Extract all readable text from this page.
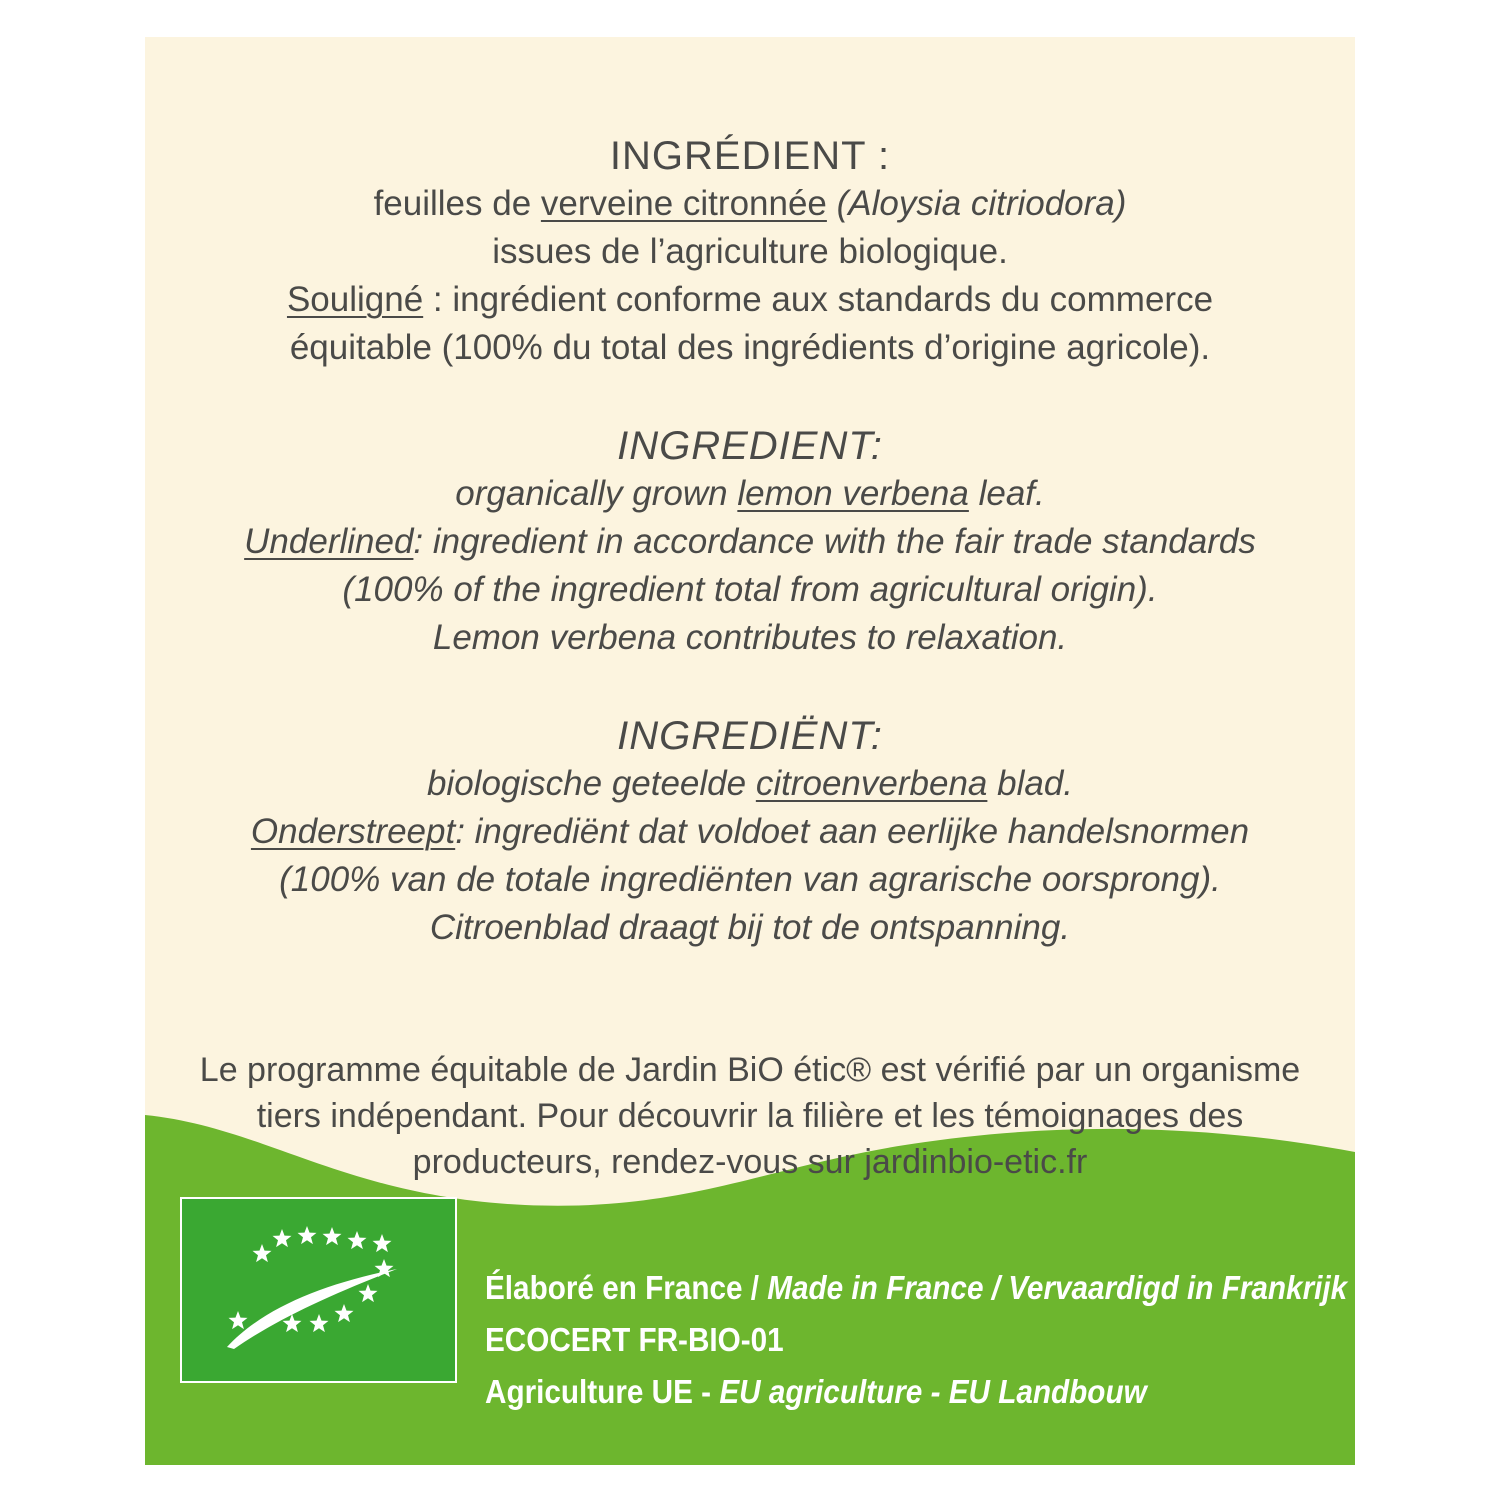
INGRÉDIENT :
feuilles de verveine citronnée (Aloysia citriodora)
issues de l’agriculture biologique.
Souligné : ingrédient conforme aux standards du commerce
équitable (100% du total des ingrédients d’origine agricole).
INGREDIENT:
organically grown lemon verbena leaf.
Underlined: ingredient in accordance with the fair trade standards
(100% of the ingredient total from agricultural origin).
Lemon verbena contributes to relaxation.
INGREDIËNT:
biologische geteelde citroenverbena blad.
Onderstreept: ingrediënt dat voldoet aan eerlijke handelsnormen
(100% van de totale ingrediënten van agrarische oorsprong).
Citroenblad draagt bij tot de ontspanning.
Le programme équitable de Jardin BiO étic® est vérifié par un organisme
tiers indépendant. Pour découvrir la filière et les témoignages des
producteurs, rendez-vous sur jardinbio-etic.fr
Élaboré en France / Made in France / Vervaardigd in Frankrijk
ECOCERT FR-BIO-01
Agriculture UE - EU agriculture - EU Landbouw
